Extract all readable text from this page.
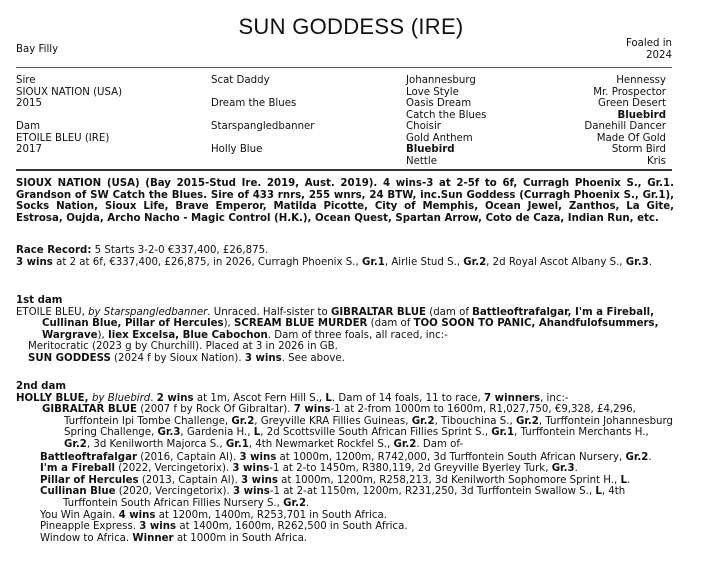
SUN GODDESS (IRE)
Bay Filly
Foaled in
2024
Sire
SIOUX NATION (USA)
2015
Dam
ETOILE BLEU (IRE)
2017
Scat Daddy
Dream the Blues
Starspangledbanner
Holly Blue
Johannesburg
Love Style
Oasis Dream
Catch the Blues
Choisir
Gold Anthem
Bluebird
Nettle
Hennessy
Mr. Prospector
Green Desert
Bluebird
Danehill Dancer
Made Of Gold
Storm Bird
Kris

SIOUX NATION (USA) (Bay 2015-Stud Ire. 2019, Aust. 2019). 4 wins-3 at 2-5f to 6f, Curragh Phoenix S., Gr.1. Grandson of SW Catch the Blues. Sire of 433 rnrs, 255 wnrs, 24 BTW, inc.Sun Goddess (Curragh Phoenix S., Gr.1), Socks Nation, Sioux Life, Brave Emperor, Matilda Picotte, City of Memphis, Ocean Jewel, Zanthos, La Gite, Estrosa, Oujda, Archo Nacho - Magic Control (H.K.), Ocean Quest, Spartan Arrow, Coto de Caza, Indian Run, etc.

Race Record: 5 Starts 3-2-0 €337,400, £26,875.

3 wins at 2 at 6f, €337,400, £26,875, in 2026, Curragh Phoenix S., Gr.1, Airlie Stud S., Gr.2, 2d Royal Ascot Albany S., Gr.3.

1st dam

ETOILE BLEU, by Starspangledbanner. Unraced. Half-sister to GIBRALTAR BLUE (dam of Battleoftrafalgar, I'm a Fireball, Cullinan Blue, Pillar of Hercules), SCREAM BLUE MURDER (dam of TOO SOON TO PANIC, Ahandfulofsummers, Wargrave), Iiex Excelsa, Blue Cabochon. Dam of three foals, all raced, inc:-

Meritocratic (2023 g by Churchill). Placed at 3 in 2026 in GB.

SUN GODDESS (2024 f by Sioux Nation). 3 wins. See above.

2nd dam

HOLLY BLUE, by Bluebird. 2 wins at 1m, Ascot Fern Hill S., L. Dam of 14 foals, 11 to race, 7 winners, inc:-

GIBRALTAR BLUE (2007 f by Rock Of Gibraltar). 7 wins-1 at 2-from 1000m to 1600m, R1,027,750, €9,328, £4,296, Turffontein Ipi Tombe Challenge, Gr.2, Greyville KRA Fillies Guineas, Gr.2, Tibouchina S., Gr.2, Turffontein Johannesburg Spring Challenge, Gr.3, Gardenia H., L, 2d Scottsville South African Fillies Sprint S., Gr.1, Turffontein Merchants H., Gr.2, 3d Kenilworth Majorca S., Gr.1, 4th Newmarket Rockfel S., Gr.2. Dam of-

Battleoftrafalgar (2016, Captain Al). 3 wins at 1000m, 1200m, R742,000, 3d Turffontein South African Nursery, Gr.2.

I'm a Fireball (2022, Vercingetorix). 3 wins-1 at 2-to 1450m, R380,119, 2d Greyville Byerley Turk, Gr.3.

Pillar of Hercules (2013, Captain Al). 3 wins at 1000m, 1200m, R258,213, 3d Kenilworth Sophomore Sprint H., L.

Cullinan Blue (2020, Vercingetorix). 3 wins-1 at 2-at 1150m, 1200m, R231,250, 3d Turffontein Swallow S., L, 4th Turffontein South African Fillies Nursery S., Gr.2.

You Win Again. 4 wins at 1200m, 1400m, R253,701 in South Africa.

Pineapple Express. 3 wins at 1400m, 1600m, R262,500 in South Africa.

Window to Africa. Winner at 1000m in South Africa.
